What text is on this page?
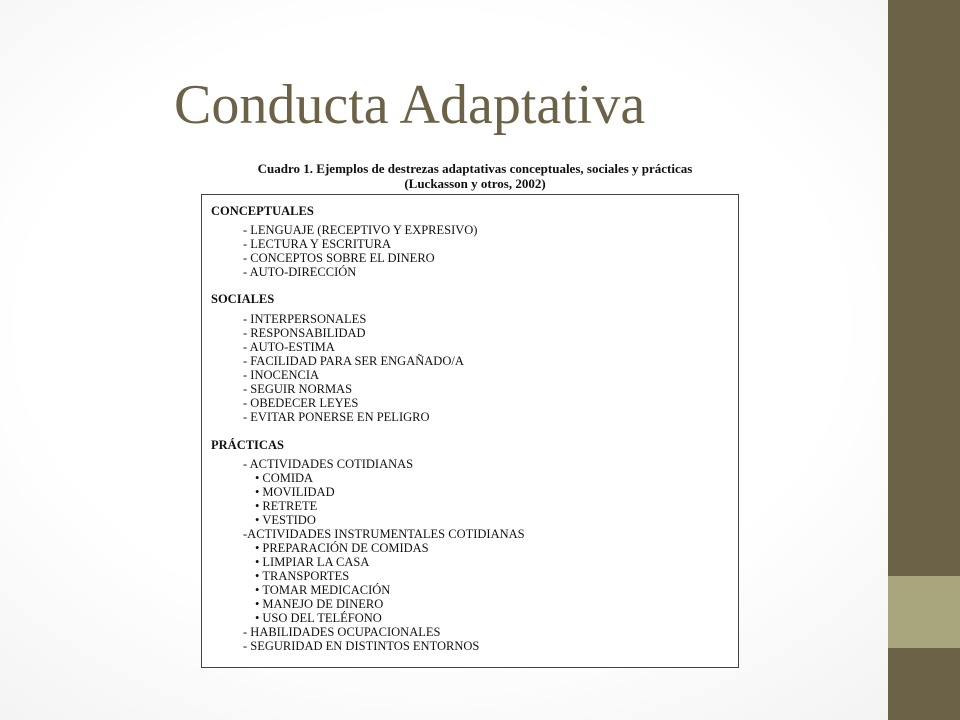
Conducta Adaptativa
Cuadro 1. Ejemplos de destrezas adaptativas conceptuales, sociales y prácticas
(Luckasson y otros, 2002)
CONCEPTUALES
- LENGUAJE (RECEPTIVO Y EXPRESIVO)
- LECTURA Y ESCRITURA
- CONCEPTOS SOBRE EL DINERO
- AUTO-DIRECCIÓN
SOCIALES
- INTERPERSONALES
- RESPONSABILIDAD
- AUTO-ESTIMA
- FACILIDAD PARA SER ENGAÑADO/A
- INOCENCIA
- SEGUIR NORMAS
- OBEDECER LEYES
- EVITAR PONERSE EN PELIGRO
PRÁCTICAS
- ACTIVIDADES COTIDIANAS
• COMIDA
• MOVILIDAD
• RETRETE
• VESTIDO
-ACTIVIDADES INSTRUMENTALES COTIDIANAS
• PREPARACIÓN DE COMIDAS
• LIMPIAR LA CASA
• TRANSPORTES
• TOMAR MEDICACIÓN
• MANEJO DE DINERO
• USO DEL TELÉFONO
- HABILIDADES OCUPACIONALES
- SEGURIDAD EN DISTINTOS ENTORNOS
